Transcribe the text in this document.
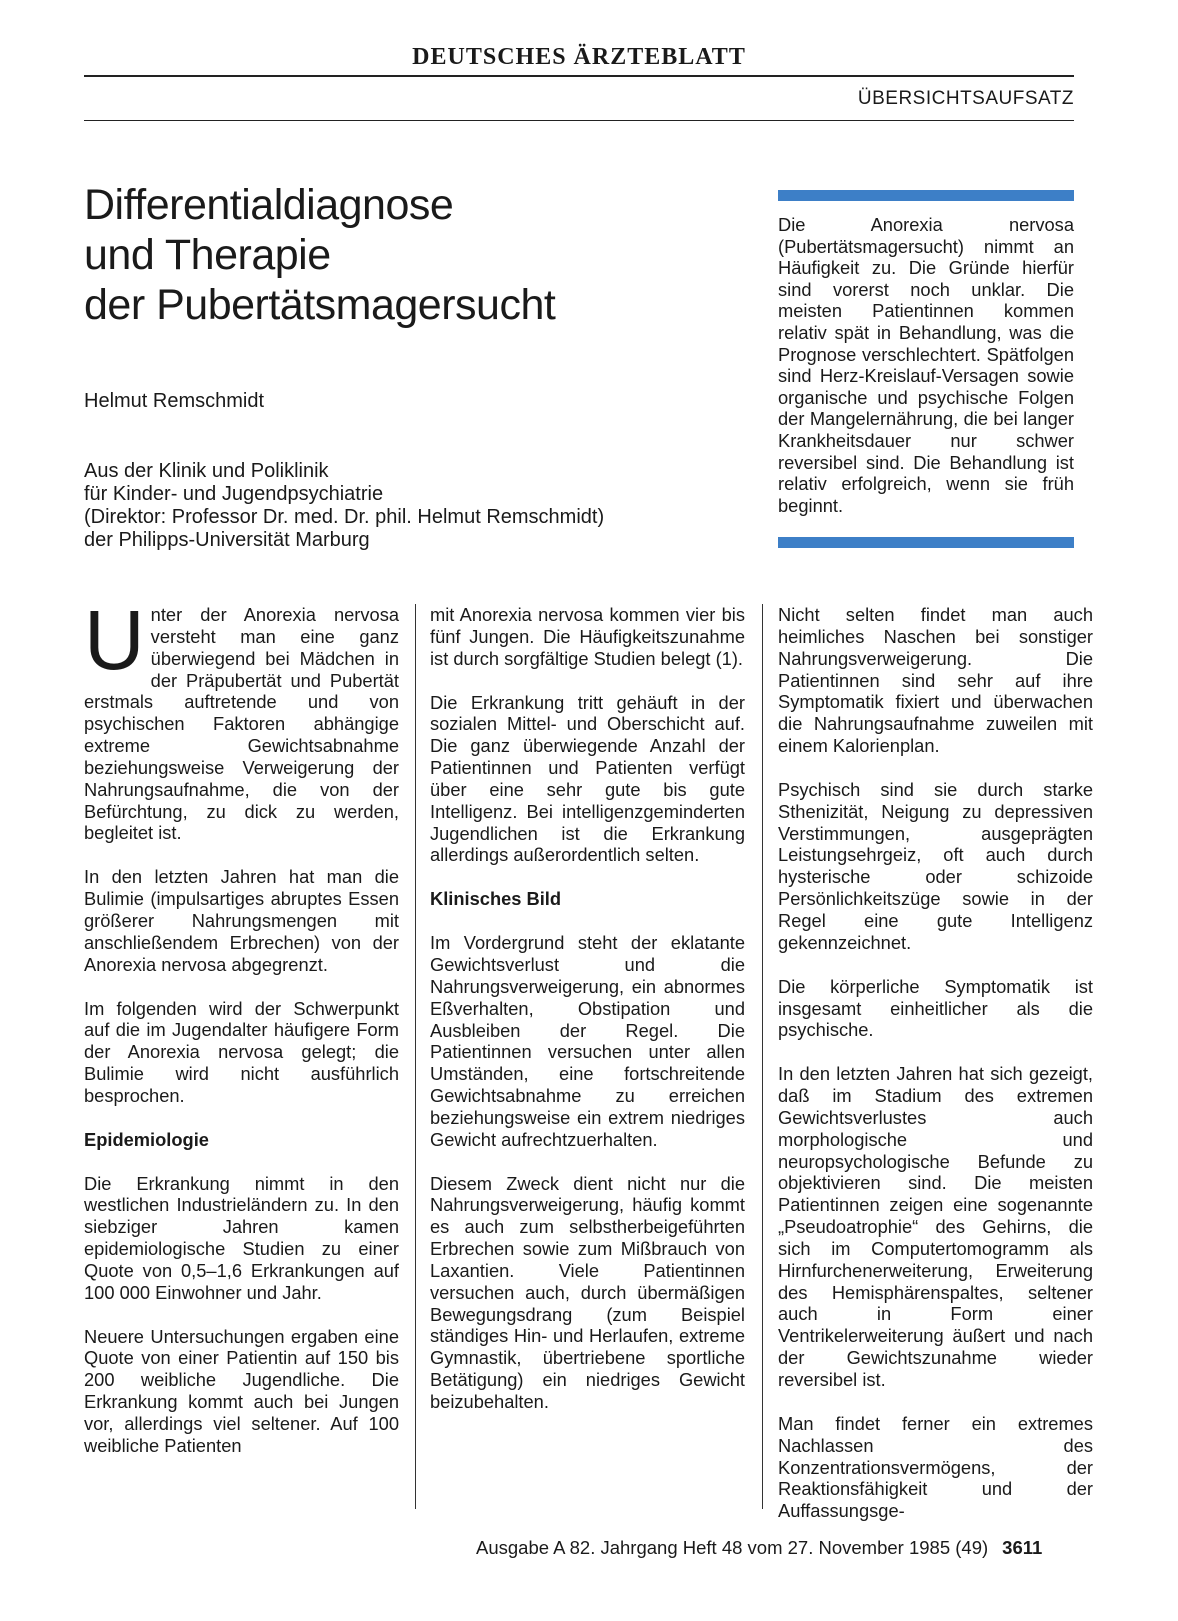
DEUTSCHES ÄRZTEBLATT
ÜBERSICHTSAUFSATZ
Differentialdiagnose
und Therapie
der Pubertätsmagersucht
Helmut Remschmidt
Aus der Klinik und Poliklinik
für Kinder- und Jugendpsychiatrie
(Direktor: Professor Dr. med. Dr. phil. Helmut Remschmidt)
der Philipps-Universität Marburg
Die Anorexia nervosa (Pubertätsmagersucht) nimmt an Häufigkeit zu. Die Gründe hierfür sind vorerst noch unklar. Die meisten Patientinnen kommen relativ spät in Behandlung, was die Prognose verschlechtert. Spätfolgen sind Herz-Kreislauf-Versagen sowie organische und psychische Folgen der Mangelernährung, die bei langer Krankheitsdauer nur schwer reversibel sind. Die Behandlung ist relativ erfolgreich, wenn sie früh beginnt.

Unter der Anorexia nervosa versteht man eine ganz überwiegend bei Mädchen in der Präpubertät und Pubertät erstmals auftretende und von psychischen Faktoren abhängige extreme Gewichtsabnahme beziehungsweise Verweigerung der Nahrungsaufnahme, die von der Befürchtung, zu dick zu werden, begleitet ist.

In den letzten Jahren hat man die Bulimie (impulsartiges abruptes Essen größerer Nahrungsmengen mit anschließendem Erbrechen) von der Anorexia nervosa abgegrenzt.

Im folgenden wird der Schwerpunkt auf die im Jugendalter häufigere Form der Anorexia nervosa gelegt; die Bulimie wird nicht ausführlich besprochen.

Epidemiologie

Die Erkrankung nimmt in den westlichen Industrieländern zu. In den siebziger Jahren kamen epidemiologische Studien zu einer Quote von 0,5–1,6 Erkrankungen auf 100 000 Einwohner und Jahr.

Neuere Untersuchungen ergaben eine Quote von einer Patientin auf 150 bis 200 weibliche Jugendliche. Die Erkrankung kommt auch bei Jungen vor, allerdings viel seltener. Auf 100 weibliche Patienten

mit Anorexia nervosa kommen vier bis fünf Jungen. Die Häufigkeitszunahme ist durch sorgfältige Studien belegt (1).

Die Erkrankung tritt gehäuft in der sozialen Mittel- und Oberschicht auf. Die ganz überwiegende Anzahl der Patientinnen und Patienten verfügt über eine sehr gute bis gute Intelligenz. Bei intelligenzgeminderten Jugendlichen ist die Erkrankung allerdings außerordentlich selten.

Klinisches Bild

Im Vordergrund steht der eklatante Gewichtsverlust und die Nahrungsverweigerung, ein abnormes Eßverhalten, Obstipation und Ausbleiben der Regel. Die Patientinnen versuchen unter allen Umständen, eine fortschreitende Gewichtsabnahme zu erreichen beziehungsweise ein extrem niedriges Gewicht aufrechtzuerhalten.

Diesem Zweck dient nicht nur die Nahrungsverweigerung, häufig kommt es auch zum selbstherbeigeführten Erbrechen sowie zum Mißbrauch von Laxantien. Viele Patientinnen versuchen auch, durch übermäßigen Bewegungsdrang (zum Beispiel ständiges Hin- und Herlaufen, extreme Gymnastik, übertriebene sportliche Betätigung) ein niedriges Gewicht beizubehalten.

Nicht selten findet man auch heimliches Naschen bei sonstiger Nahrungsverweigerung. Die Patientinnen sind sehr auf ihre Symptomatik fixiert und überwachen die Nahrungsaufnahme zuweilen mit einem Kalorienplan.

Psychisch sind sie durch starke Sthenizität, Neigung zu depressiven Verstimmungen, ausgeprägten Leistungsehrgeiz, oft auch durch hysterische oder schizoide Persönlichkeitszüge sowie in der Regel eine gute Intelligenz gekennzeichnet.

Die körperliche Symptomatik ist insgesamt einheitlicher als die psychische.

In den letzten Jahren hat sich gezeigt, daß im Stadium des extremen Gewichtsverlustes auch morphologische und neuropsychologische Befunde zu objektivieren sind. Die meisten Patientinnen zeigen eine sogenannte „Pseudoatrophie“ des Gehirns, die sich im Computertomogramm als Hirnfurchenerweiterung, Erweiterung des Hemisphärenspaltes, seltener auch in Form einer Ventrikelerweiterung äußert und nach der Gewichtszunahme wieder reversibel ist.

Man findet ferner ein extremes Nachlassen des Konzentrationsvermögens, der Reaktionsfähigkeit und der Auffassungsge-

Ausgabe A 82. Jahrgang Heft 48 vom 27. November 1985 (49) 3611
